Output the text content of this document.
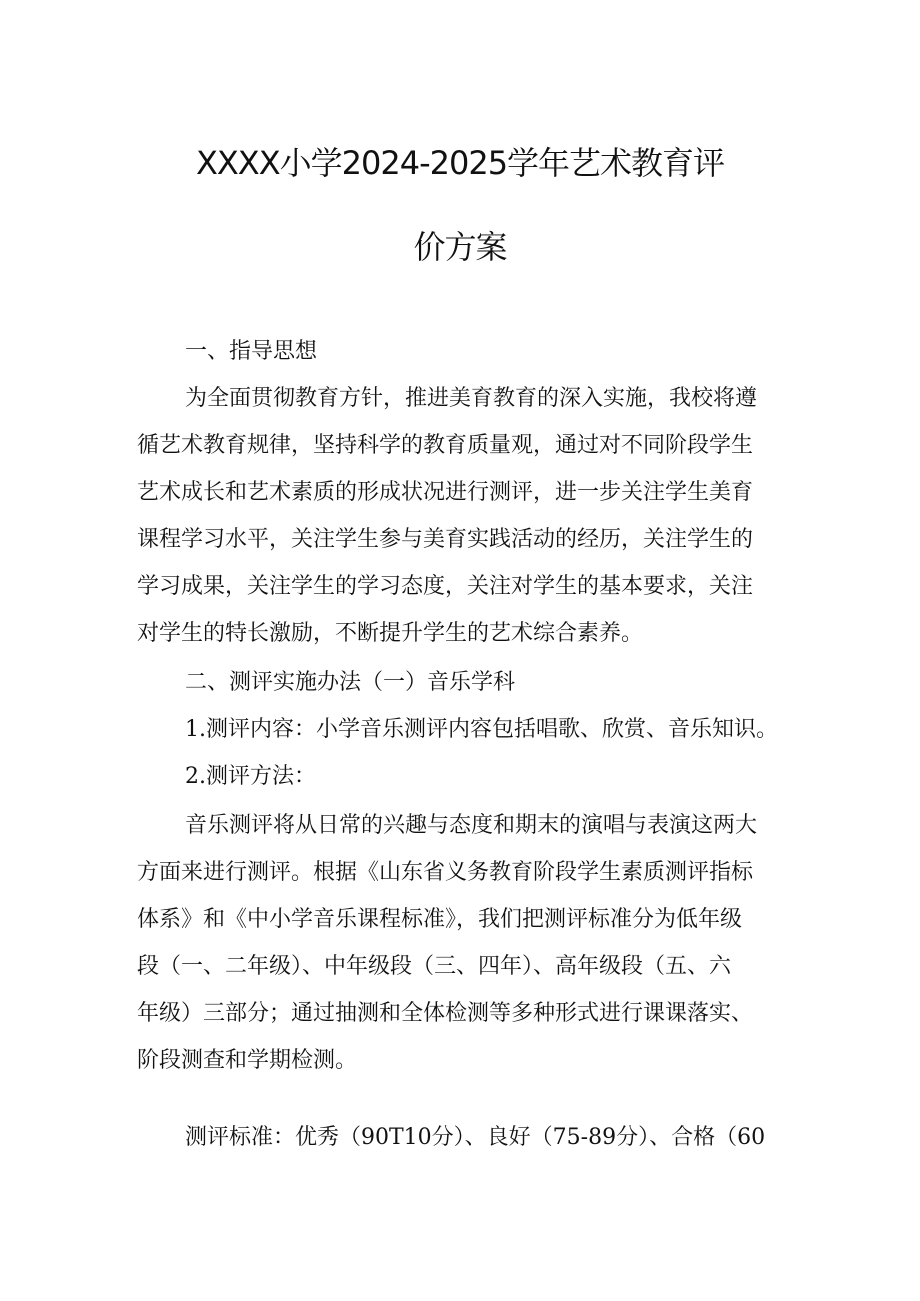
XXXX小学2024-2025学年艺术教育评
价方案
一、指导思想
为全面贯彻教育方针，推进美育教育的深入实施，我校将遵
循艺术教育规律，坚持科学的教育质量观，通过对不同阶段学生
艺术成长和艺术素质的形成状况进行测评，进一步关注学生美育
课程学习水平，关注学生参与美育实践活动的经历，关注学生的
学习成果，关注学生的学习态度，关注对学生的基本要求，关注
对学生的特长激励，不断提升学生的艺术综合素养。
二、测评实施办法（一）音乐学科
1.测评内容：小学音乐测评内容包括唱歌、欣赏、音乐知识。
2.测评方法：
音乐测评将从日常的兴趣与态度和期末的演唱与表演这两大
方面来进行测评。根据《山东省义务教育阶段学生素质测评指标
体系》和《中小学音乐课程标准》，我们把测评标准分为低年级
段（一、二年级）、中年级段（三、四年）、高年级段（五、六
年级）三部分；通过抽测和全体检测等多种形式进行课课落实、
阶段测查和学期检测。
测评标准：优秀（90T10分）、良好（75-89分）、合格（60
